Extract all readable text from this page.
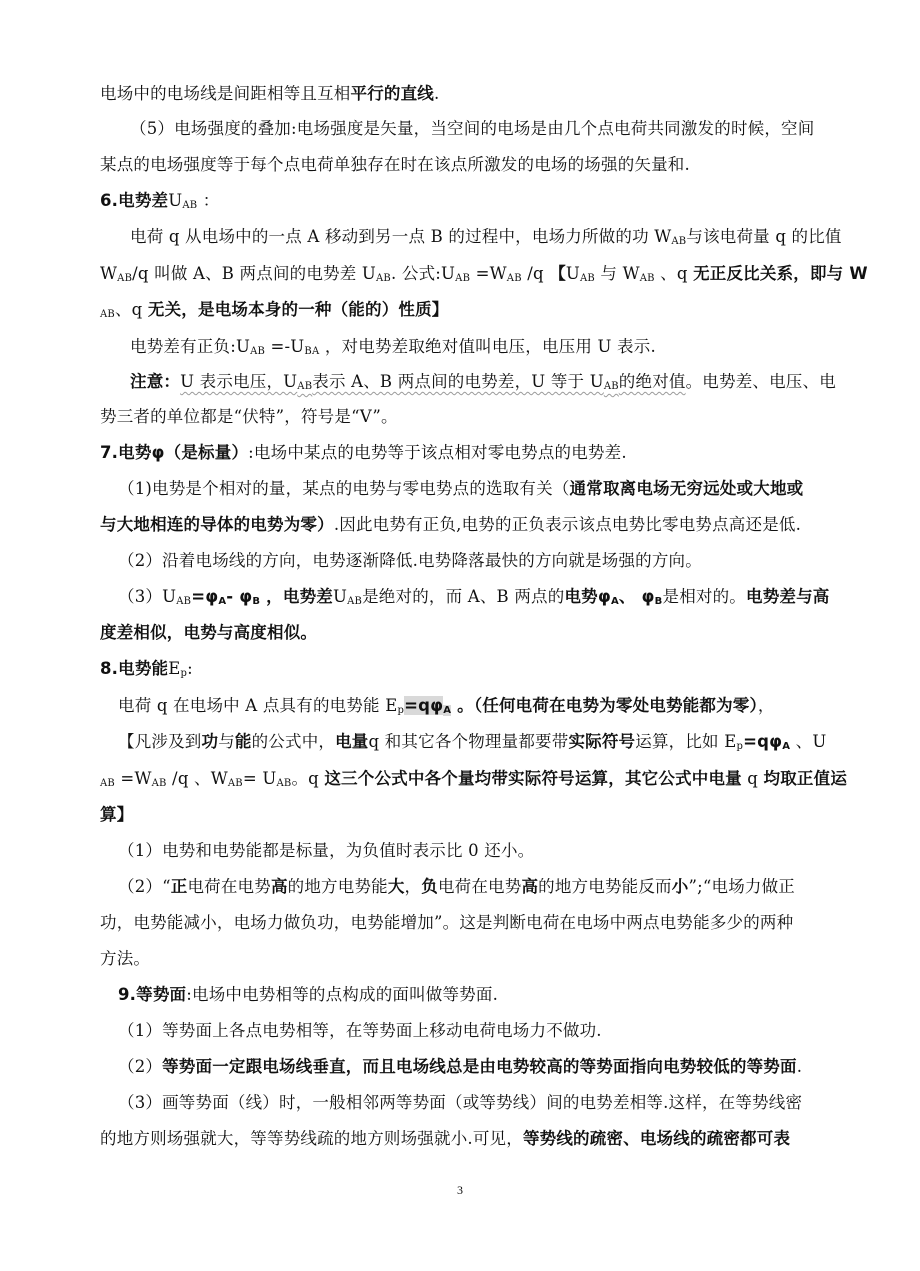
电场中的电场线是间距相等且互相平行的直线.
（5）电场强度的叠加:电场强度是矢量，当空间的电场是由几个点电荷共同激发的时候，空间
某点的电场强度等于每个点电荷单独存在时在该点所激发的电场的场强的矢量和.
6.电势差$U_{AB}$ ：
电荷 q 从电场中的一点 A 移动到另一点 B 的过程中，电场力所做的功 $W_{AB}$与该电荷量 q 的比值
$W_{AB}/q$ 叫做 A、B 两点间的电势差 $U_{AB}$. 公式$:U_{AB} =W_{AB}$ /q 【$U_{AB}$ 与 $W_{AB}$ 、q 无正反比关系，即与 W
$_{AB}$、q 无关，是电场本身的一种（能的）性质】
电势差有正负$:U_{AB} =-U_{BA}$ ，对电势差取绝对值叫电压，电压用 U 表示.
注意：U 表示电压，$U_{AB}$表示 A、B 两点间的电势差，U 等于 $U_{AB}$的绝对值。电势差、电压、电
势三者的单位都是“伏特”，符号是“V”。
7.电势φ（是标量）:电场中某点的电势等于该点相对零电势点的电势差.
（1)电势是个相对的量，某点的电势与零电势点的选取有关（通常取离电场无穷远处或大地或
与大地相连的导体的电势为零）.因此电势有正负,电势的正负表示该点电势比零电势点高还是低.
（2）沿着电场线的方向，电势逐渐降低.电势降落最快的方向就是场强的方向。
$(3)U_{AB}=\varphi_A-$ $\varphi_B$ ，电势差$U_{AB}$是绝对的，而 A、B 两点的电势$\varphi_A$、 $\varphi_B$是相对的。电势差与高
度差相似，电势与高度相似。
8.电势能$E_p$:
电荷 q 在电场中 A 点具有的电势能 $E_p=q\varphi_A$ 。（任何电荷在电势为零处电势能都为零），
【凡涉及到功与能的公式中，电量q 和其它各个物理量都要带实际符号运算，比如 $E_p=q\varphi_A$ 、U
$_{AB} =W_{AB}$ /q 、$W_{AB}= U_{AB}$。q 这三个公式中各个量均带实际符号运算，其它公式中电量 q 均取正值运
算】
（1）电势和电势能都是标量，为负值时表示比 0 还小。
（2）“正电荷在电势高的地方电势能大，负电荷在电势高的地方电势能反而小”;“电场力做正
功，电势能减小，电场力做负功，电势能增加”。这是判断电荷在电场中两点电势能多少的两种
方法。
9.等势面:电场中电势相等的点构成的面叫做等势面.
（1）等势面上各点电势相等，在等势面上移动电荷电场力不做功.
（2）等势面一定跟电场线垂直，而且电场线总是由电势较高的等势面指向电势较低的等势面.
（3）画等势面（线）时，一般相邻两等势面（或等势线）间的电势差相等.这样，在等势线密
的地方则场强就大，等等势线疏的地方则场强就小.可见，等势线的疏密、电场线的疏密都可表
3
